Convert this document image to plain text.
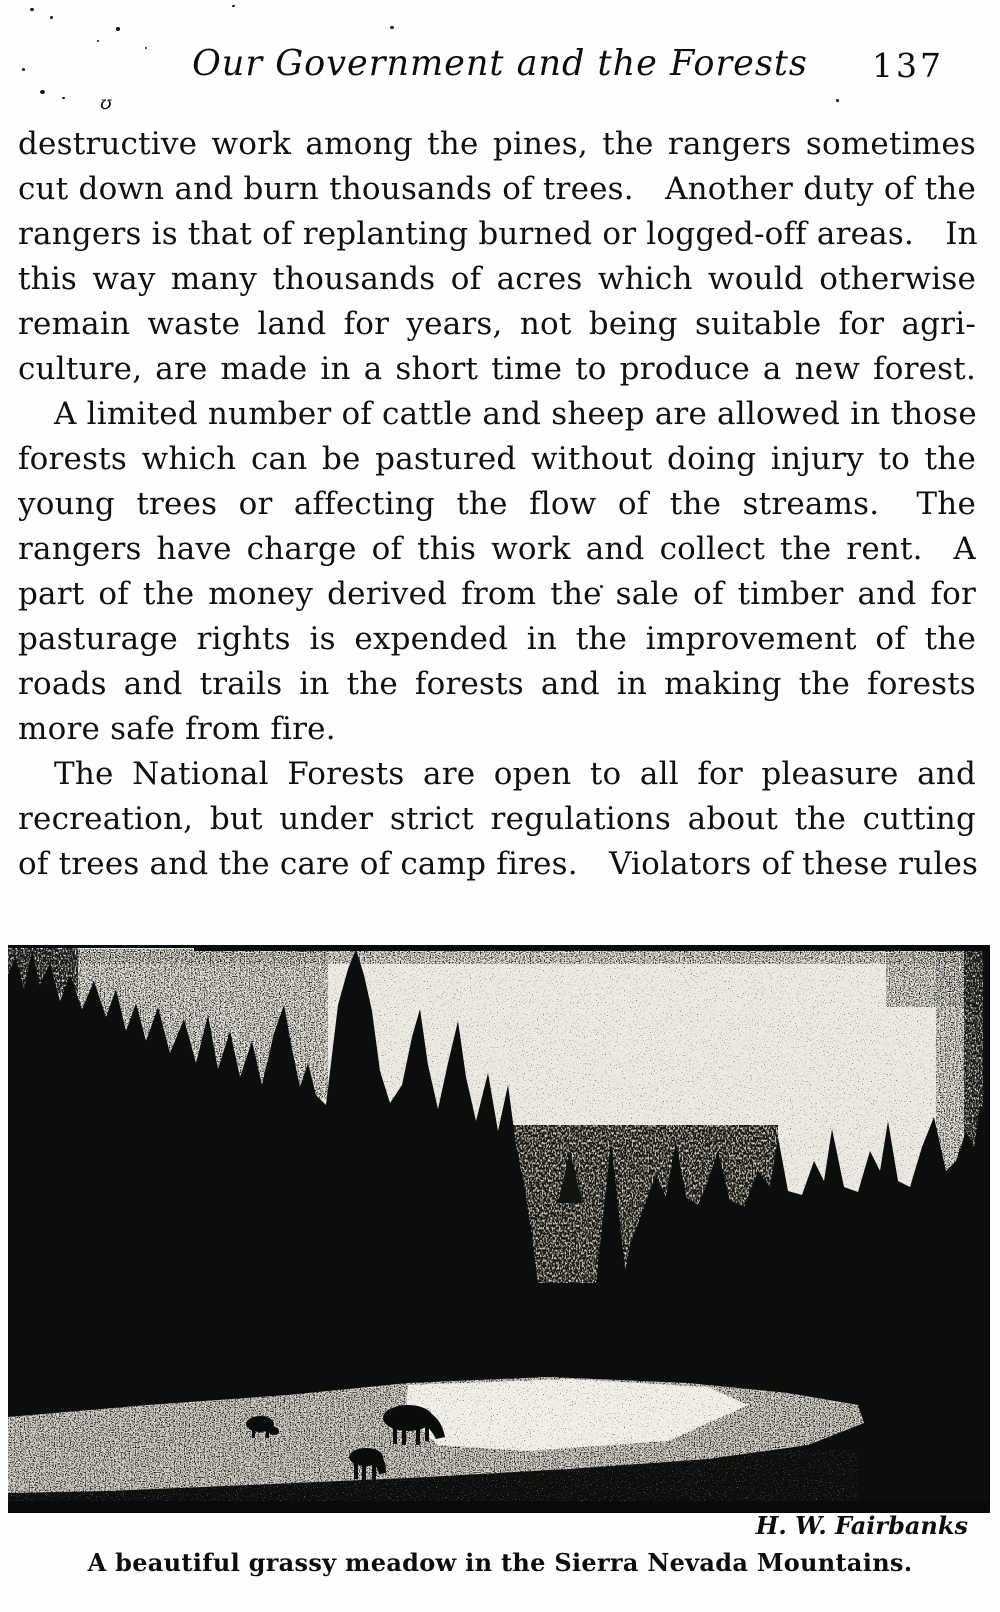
Our Government and the Forests	137
ʊ
destructive work among the pines, the rangers sometimes
cut down and burn thousands of trees. Another duty of the
rangers is that of replanting burned or logged-off areas. In
this way many thousands of acres which would otherwise
remain waste land for years, not being suitable for agri-
culture, are made in a short time to produce a new forest.
A limited number of cattle and sheep are allowed in those
forests which can be pastured without doing injury to the
young trees or affecting the flow of the streams.  The
rangers have charge of this work and collect the rent.  A
part of the money derived from the sale of timber and for
pasturage rights is expended in the improvement of the
roads and trails in the forests and in making the forests
more safe from fire.
The National Forests are open to all for pleasure and
recreation, but under strict regulations about the cutting
of trees and the care of camp fires. Violators of these rules
H. W. Fairbanks
A beautiful grassy meadow in the Sierra Nevada Mountains.
